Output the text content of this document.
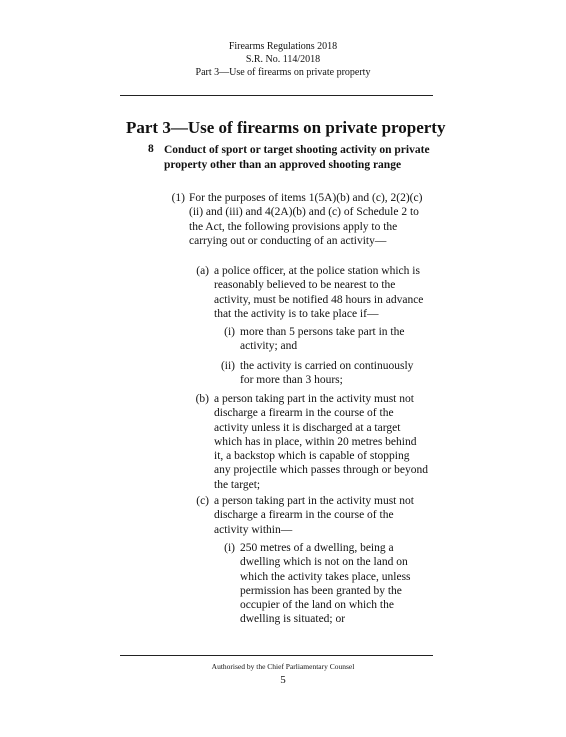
Firearms Regulations 2018
S.R. No. 114/2018
Part 3—Use of firearms on private property
Part 3—Use of firearms on private property
8 Conduct of sport or target shooting activity on private property other than an approved shooting range
(1) For the purposes of items 1(5A)(b) and (c), 2(2)(c)(ii) and (iii) and 4(2A)(b) and (c) of Schedule 2 to the Act, the following provisions apply to the carrying out or conducting of an activity—
(a) a police officer, at the police station which is reasonably believed to be nearest to the activity, must be notified 48 hours in advance that the activity is to take place if—
(i) more than 5 persons take part in the activity; and
(ii) the activity is carried on continuously for more than 3 hours;
(b) a person taking part in the activity must not discharge a firearm in the course of the activity unless it is discharged at a target which has in place, within 20 metres behind it, a backstop which is capable of stopping any projectile which passes through or beyond the target;
(c) a person taking part in the activity must not discharge a firearm in the course of the activity within—
(i) 250 metres of a dwelling, being a dwelling which is not on the land on which the activity takes place, unless permission has been granted by the occupier of the land on which the dwelling is situated; or
Authorised by the Chief Parliamentary Counsel
5
